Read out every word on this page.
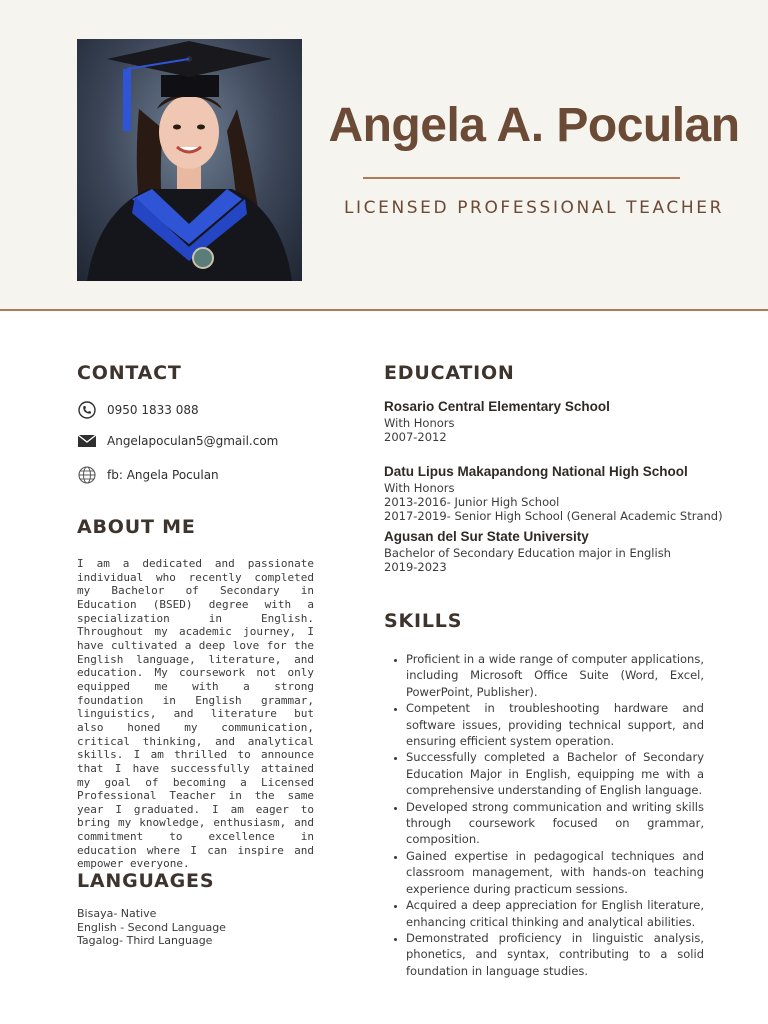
Angela A. Poculan

LICENSED PROFESSIONAL TEACHER

CONTACT
0950 1833 088
Angelapoculan5@gmail.com
fb: Angela Poculan
ABOUT ME

I am a dedicated and passionate individual who recently completed my Bachelor of Secondary in Education (BSED) degree with a specialization in English. Throughout my academic journey, I have cultivated a deep love for the English language, literature, and education. My coursework not only equipped me with a strong foundation in English grammar, linguistics, and literature but also honed my communication, critical thinking, and analytical skills. I am thrilled to announce that I have successfully attained my goal of becoming a Licensed Professional Teacher in the same year I graduated. I am eager to bring my knowledge, enthusiasm, and commitment to excellence in education where I can inspire and empower everyone.

LANGUAGES
Bisaya- Native
English - Second Language
Tagalog- Third Language
EDUCATION

Rosario Central Elementary School

With Honors

2007-2012

Datu Lipus Makapandong National High School

With Honors

2013-2016- Junior High School

2017-2019- Senior High School (General Academic Strand)

Agusan del Sur State University

Bachelor of Secondary Education major in English

2019-2023

SKILLS
• Proficient in a wide range of computer applications, including Microsoft Office Suite (Word, Excel, PowerPoint, Publisher).
• Competent in troubleshooting hardware and software issues, providing technical support, and ensuring efficient system operation.
• Successfully completed a Bachelor of Secondary Education Major in English, equipping me with a comprehensive understanding of English language.
• Developed strong communication and writing skills through coursework focused on grammar, composition.
• Gained expertise in pedagogical techniques and classroom management, with hands-on teaching experience during practicum sessions.
• Acquired a deep appreciation for English literature, enhancing critical thinking and analytical abilities.
• Demonstrated proficiency in linguistic analysis, phonetics, and syntax, contributing to a solid foundation in language studies.
